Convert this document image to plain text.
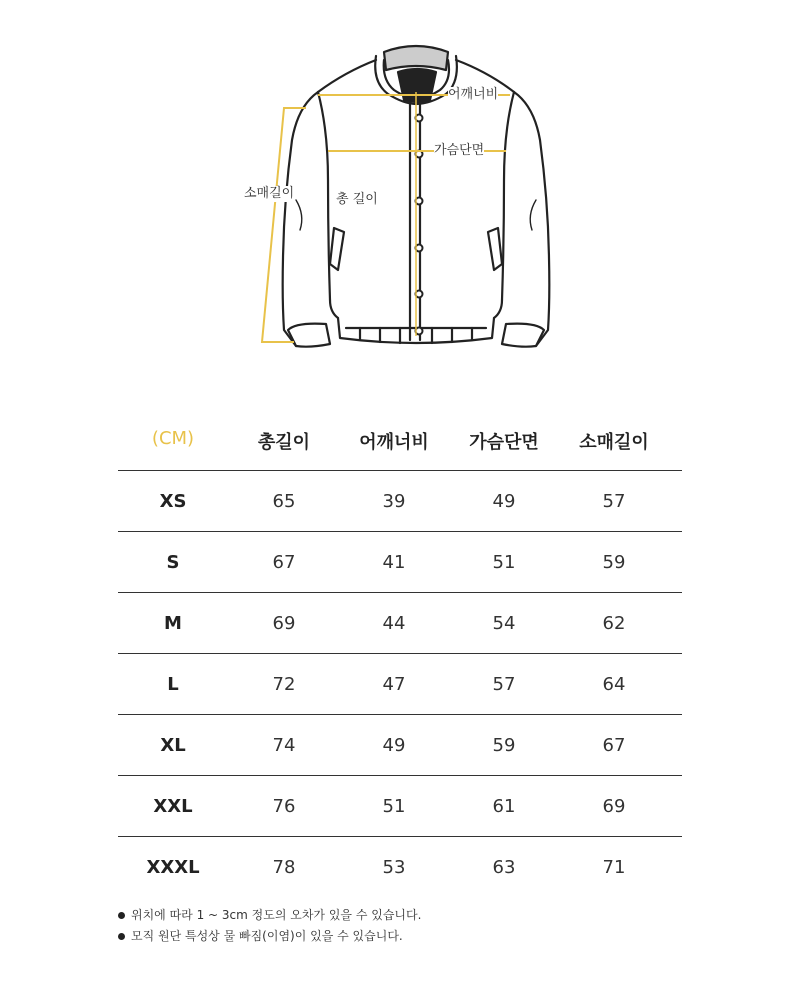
어깨너비
가슴단면
소매길이	총 길이
(CM)	총길이	어깨너비	가슴단면	소매길이
XS	65	39	49	57
S	67	41	51	59
M	69	44	54	62
L	72	47	57	64
XL	74	49	59	67
XXL	76	51	61	69
XXXL	78	53	63	71
위치에 따라 1 ~ 3cm 정도의 오차가 있을 수 있습니다.
모직 원단 특성상 물 빠짐(이염)이 있을 수 있습니다.
